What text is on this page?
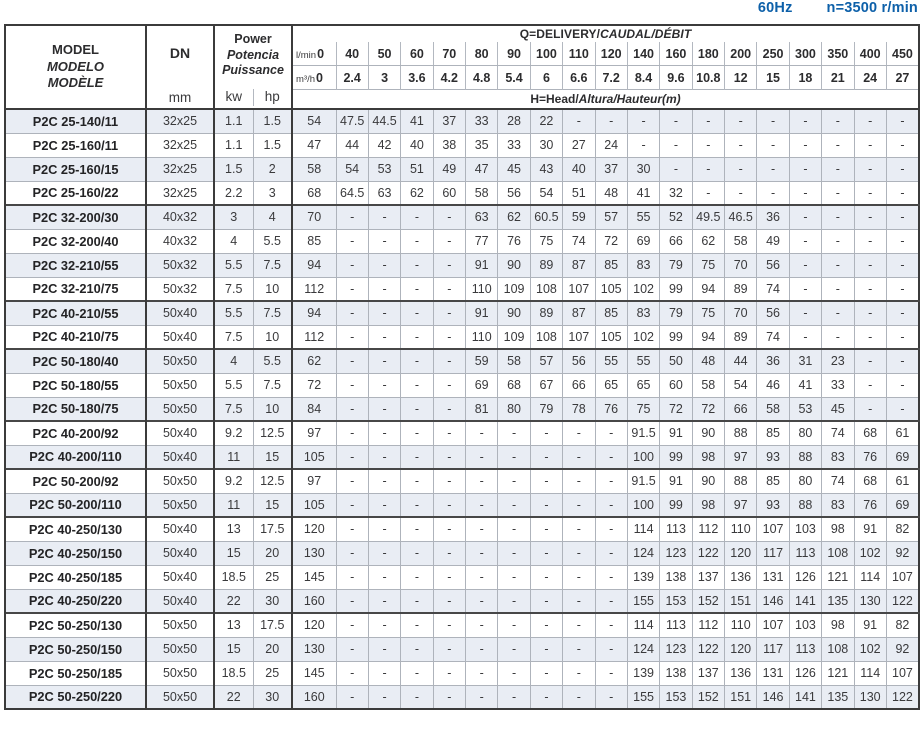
60Hz n=3500 r/min
MODEL
MODELO
MODÈLE	DN
mm	Power
Potencia
Puissance
kw hp		Q=DELIVERY/CAUDAL/DÉBIT																		
				l/min0	40	50	60	70	80	90	100	110	120	140	160	180	200	250	300	350	400	450
				m³/h0	2.4	3	3.6	4.2	4.8	5.4	6	6.6	7.2	8.4	9.6	10.8	12	15	18	21	24	27
				H=Head/Altura/Hauteur(m)																		
P2C 25-140/11	32x25	1.1	1.5	54	47.5	44.5	41	37	33	28	22	-	-	-	-	-	-	-	-	-	-	-
P2C 25-160/11	32x25	1.1	1.5	47	44	42	40	38	35	33	30	27	24	-	-	-	-	-	-	-	-	-
P2C 25-160/15	32x25	1.5	2	58	54	53	51	49	47	45	43	40	37	30	-	-	-	-	-	-	-	-
P2C 25-160/22	32x25	2.2	3	68	64.5	63	62	60	58	56	54	51	48	41	32	-	-	-	-	-	-	-
P2C 32-200/30	40x32	3	4	70	-	-	-	-	63	62	60.5	59	57	55	52	49.5	46.5	36	-	-	-	-
P2C 32-200/40	40x32	4	5.5	85	-	-	-	-	77	76	75	74	72	69	66	62	58	49	-	-	-	-
P2C 32-210/55	50x32	5.5	7.5	94	-	-	-	-	91	90	89	87	85	83	79	75	70	56	-	-	-	-
P2C 32-210/75	50x32	7.5	10	112	-	-	-	-	110	109	108	107	105	102	99	94	89	74	-	-	-	-
P2C 40-210/55	50x40	5.5	7.5	94	-	-	-	-	91	90	89	87	85	83	79	75	70	56	-	-	-	-
P2C 40-210/75	50x40	7.5	10	112	-	-	-	-	110	109	108	107	105	102	99	94	89	74	-	-	-	-
P2C 50-180/40	50x50	4	5.5	62	-	-	-	-	59	58	57	56	55	55	50	48	44	36	31	23	-	-
P2C 50-180/55	50x50	5.5	7.5	72	-	-	-	-	69	68	67	66	65	65	60	58	54	46	41	33	-	-
P2C 50-180/75	50x50	7.5	10	84	-	-	-	-	81	80	79	78	76	75	72	72	66	58	53	45	-	-
P2C 40-200/92	50x40	9.2	12.5	97	-	-	-	-	-	-	-	-	-	91.5	91	90	88	85	80	74	68	61
P2C 40-200/110	50x40	11	15	105	-	-	-	-	-	-	-	-	-	100	99	98	97	93	88	83	76	69
P2C 50-200/92	50x50	9.2	12.5	97	-	-	-	-	-	-	-	-	-	91.5	91	90	88	85	80	74	68	61
P2C 50-200/110	50x50	11	15	105	-	-	-	-	-	-	-	-	-	100	99	98	97	93	88	83	76	69
P2C 40-250/130	50x40	13	17.5	120	-	-	-	-	-	-	-	-	-	114	113	112	110	107	103	98	91	82
P2C 40-250/150	50x40	15	20	130	-	-	-	-	-	-	-	-	-	124	123	122	120	117	113	108	102	92
P2C 40-250/185	50x40	18.5	25	145	-	-	-	-	-	-	-	-	-	139	138	137	136	131	126	121	114	107
P2C 40-250/220	50x40	22	30	160	-	-	-	-	-	-	-	-	-	155	153	152	151	146	141	135	130	122
P2C 50-250/130	50x50	13	17.5	120	-	-	-	-	-	-	-	-	-	114	113	112	110	107	103	98	91	82
P2C 50-250/150	50x50	15	20	130	-	-	-	-	-	-	-	-	-	124	123	122	120	117	113	108	102	92
P2C 50-250/185	50x50	18.5	25	145	-	-	-	-	-	-	-	-	-	139	138	137	136	131	126	121	114	107
P2C 50-250/220	50x50	22	30	160	-	-	-	-	-	-	-	-	-	155	153	152	151	146	141	135	130	122
